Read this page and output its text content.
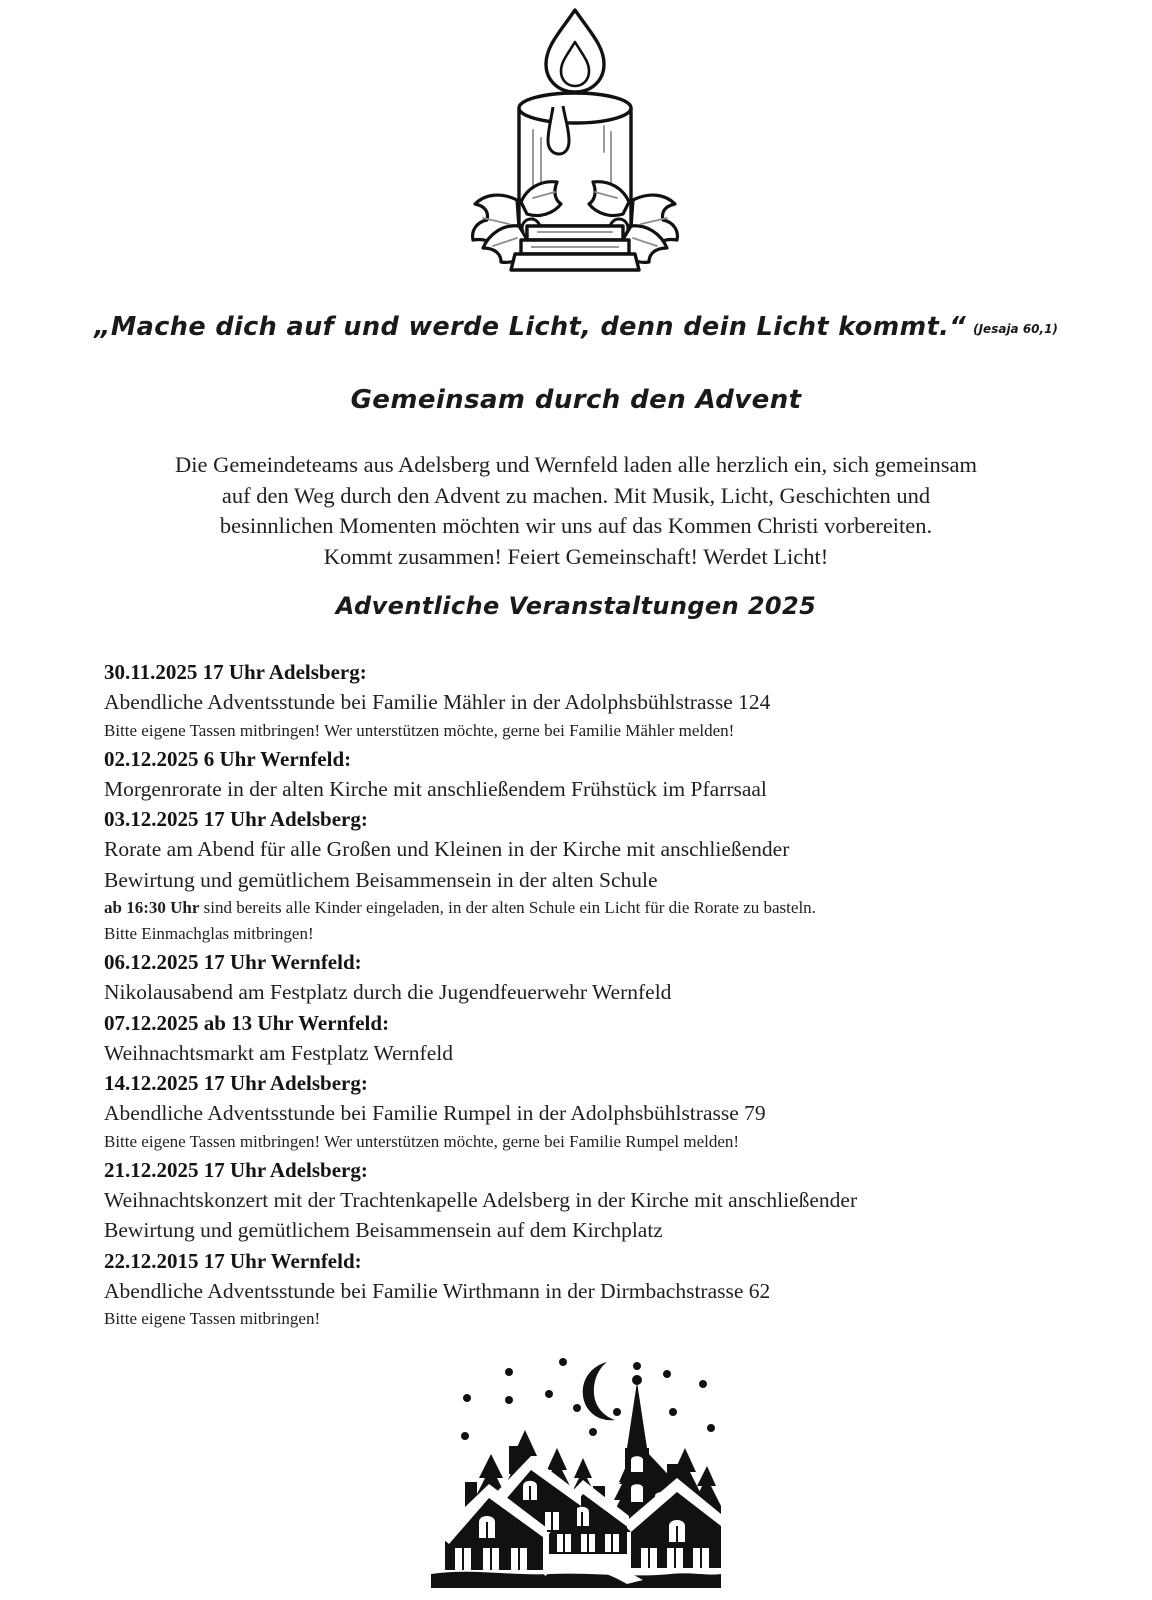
„Mache dich auf und werde Licht, denn dein Licht kommt.“ (Jesaja 60,1)
Gemeinsam durch den Advent
Die Gemeindeteams aus Adelsberg und Wernfeld laden alle herzlich ein, sich gemeinsam
auf den Weg durch den Advent zu machen. Mit Musik, Licht, Geschichten und
besinnlichen Momenten möchten wir uns auf das Kommen Christi vorbereiten.
Kommt zusammen! Feiert Gemeinschaft! Werdet Licht!
Adventliche Veranstaltungen 2025
30.11.2025 17 Uhr Adelsberg:
Abendliche Adventsstunde bei Familie Mähler in der Adolphsbühlstrasse 124
Bitte eigene Tassen mitbringen! Wer unterstützen möchte, gerne bei Familie Mähler melden!
02.12.2025 6 Uhr Wernfeld:
Morgenrorate in der alten Kirche mit anschließendem Frühstück im Pfarrsaal
03.12.2025 17 Uhr Adelsberg:
Rorate am Abend für alle Großen und Kleinen in der Kirche mit anschließender
Bewirtung und gemütlichem Beisammensein in der alten Schule
ab 16:30 Uhr sind bereits alle Kinder eingeladen, in der alten Schule ein Licht für die Rorate zu basteln.
Bitte Einmachglas mitbringen!
06.12.2025 17 Uhr Wernfeld:
Nikolausabend am Festplatz durch die Jugendfeuerwehr Wernfeld
07.12.2025 ab 13 Uhr Wernfeld:
Weihnachtsmarkt am Festplatz Wernfeld
14.12.2025 17 Uhr Adelsberg:
Abendliche Adventsstunde bei Familie Rumpel in der Adolphsbühlstrasse 79
Bitte eigene Tassen mitbringen! Wer unterstützen möchte, gerne bei Familie Rumpel melden!
21.12.2025 17 Uhr Adelsberg:
Weihnachtskonzert mit der Trachtenkapelle Adelsberg in der Kirche mit anschließender
Bewirtung und gemütlichem Beisammensein auf dem Kirchplatz
22.12.2015 17 Uhr Wernfeld:
Abendliche Adventsstunde bei Familie Wirthmann in der Dirmbachstrasse 62
Bitte eigene Tassen mitbringen!
